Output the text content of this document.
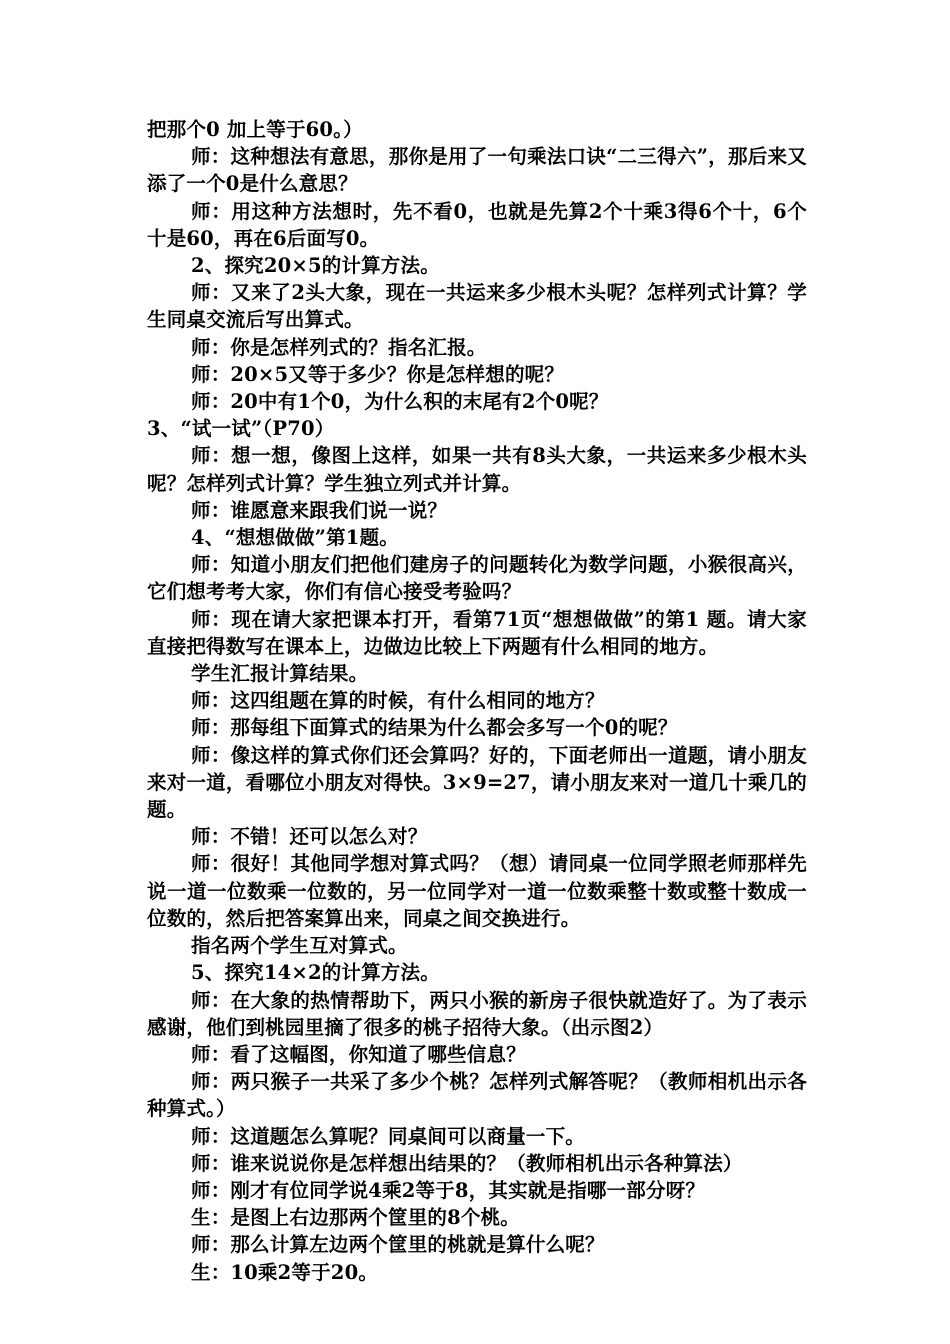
把那个0 加上等于60。）

师：这种想法有意思，那你是用了一句乘法口诀“二三得六”，那后来又添了一个0是什么意思？

师：用这种方法想时，先不看0，也就是先算2个十乘3得6个十，6个十是60，再在6后面写0。

2、探究20×5的计算方法。

师：又来了2头大象，现在一共运来多少根木头呢？怎样列式计算？学生同桌交流后写出算式。

师：你是怎样列式的？指名汇报。

师：20×5又等于多少？你是怎样想的呢？

师：20中有1个0，为什么积的末尾有2个0呢？

3、“试一试”（P70）

师：想一想，像图上这样，如果一共有8头大象，一共运来多少根木头呢？怎样列式计算？学生独立列式并计算。

师：谁愿意来跟我们说一说？

4、“想想做做”第1题。

师：知道小朋友们把他们建房子的问题转化为数学问题，小猴很高兴，它们想考考大家，你们有信心接受考验吗？

师：现在请大家把课本打开，看第71页“想想做做”的第1 题。请大家直接把得数写在课本上，边做边比较上下两题有什么相同的地方。

学生汇报计算结果。

师：这四组题在算的时候，有什么相同的地方？

师：那每组下面算式的结果为什么都会多写一个0的呢？

师：像这样的算式你们还会算吗？好的，下面老师出一道题，请小朋友来对一道，看哪位小朋友对得快。3×9=27，请小朋友来对一道几十乘几的题。

师：不错！还可以怎么对？

师：很好！其他同学想对算式吗？（想）请同桌一位同学照老师那样先说一道一位数乘一位数的，另一位同学对一道一位数乘整十数或整十数成一位数的，然后把答案算出来，同桌之间交换进行。

指名两个学生互对算式。

5、探究14×2的计算方法。

师：在大象的热情帮助下，两只小猴的新房子很快就造好了。为了表示感谢，他们到桃园里摘了很多的桃子招待大象。（出示图2）

师：看了这幅图，你知道了哪些信息？

师：两只猴子一共采了多少个桃？怎样列式解答呢？（教师相机出示各种算式。）

师：这道题怎么算呢？同桌间可以商量一下。

师：谁来说说你是怎样想出结果的？（教师相机出示各种算法）

师：刚才有位同学说4乘2等于8，其实就是指哪一部分呀？

生：是图上右边那两个筐里的8个桃。

师：那么计算左边两个筐里的桃就是算什么呢？

生：10乘2等于20。
